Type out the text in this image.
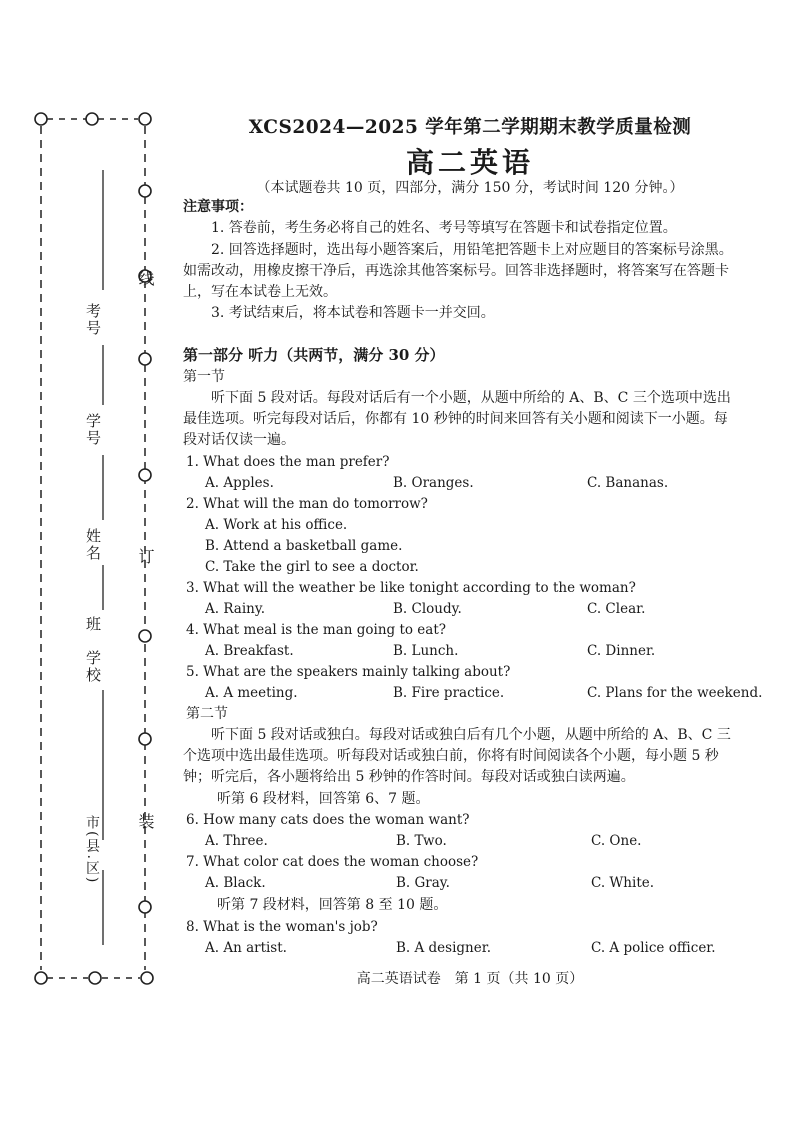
考号
学号
姓名
班
学校
市(县.区)
线
订
装
XCS2024—2025 学年第二学期期末教学质量检测
高二英语
（本试题卷共 10 页，四部分，满分 150 分，考试时间 120 分钟。）
注意事项：
1. 答卷前，考生务必将自己的姓名、考号等填写在答题卡和试卷指定位置。
2. 回答选择题时，选出每小题答案后，用铅笔把答题卡上对应题目的答案标号涂黑。
如需改动，用橡皮擦干净后，再选涂其他答案标号。回答非选择题时，将答案写在答题卡
上，写在本试卷上无效。
3. 考试结束后，将本试卷和答题卡一并交回。
第一部分 听力（共两节，满分 30 分）
第一节
听下面 5 段对话。每段对话后有一个小题，从题中所给的 A、B、C 三个选项中选出
最佳选项。听完每段对话后，你都有 10 秒钟的时间来回答有关小题和阅读下一小题。每
段对话仅读一遍。
1. What does the man prefer?
A. Apples.	B. Oranges.	C. Bananas.
2. What will the man do tomorrow?
A. Work at his office.
B. Attend a basketball game.
C. Take the girl to see a doctor.
3. What will the weather be like tonight according to the woman?
A. Rainy.	B. Cloudy.	C. Clear.
4. What meal is the man going to eat?
A. Breakfast.	B. Lunch.	C. Dinner.
5. What are the speakers mainly talking about?
A. A meeting.	B. Fire practice.	C. Plans for the weekend.
第二节
听下面 5 段对话或独白。每段对话或独白后有几个小题，从题中所给的 A、B、C 三
个选项中选出最佳选项。听每段对话或独白前，你将有时间阅读各个小题，每小题 5 秒
钟；听完后，各小题将给出 5 秒钟的作答时间。每段对话或独白读两遍。
听第 6 段材料，回答第 6、7 题。
6. How many cats does the woman want?
A. Three.	B. Two.	C. One.
7. What color cat does the woman choose?
A. Black.	B. Gray.	C. White.
听第 7 段材料，回答第 8 至 10 题。
8. What is the woman's job?
A. An artist.	B. A designer.	C. A police officer.
高二英语试卷　第 1 页（共 10 页）
